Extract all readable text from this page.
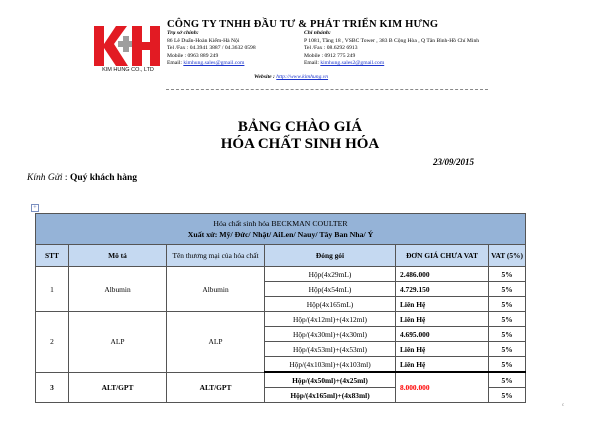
KIM HUNG CO., LTD
CÔNG TY TNHH ĐẦU TƯ & PHÁT TRIỂN KIM HƯNG
Trụ sở chính:
86 Lê Duẩn-Hoàn Kiếm-Hà Nội
Tel /Fax : 04.3941 3887 / 04.3632 0598
Mobile : 0963 889 249
Email: kimhung.sales@gmail.com
Chi nhánh:
P 1081, Tầng 18 , VSBC Tower , 383 B Cộng Hòa , Q Tân Bình-Hồ Chí Minh
Tel /Fax : 08.6292 6913
Mobile : 0912 775 249
Email: kimhung.sales2@gmail.com
Website : http://www.kimhung.vn
BẢNG CHÀO GIÁ
HÓA CHẤT SINH HÓA
23/09/2015
Kính Gửi : Quý khách hàng
+
Hóa chất sinh hóa BECKMAN COULTER
Xuất xứ: Mỹ/ Đức/ Nhật/ AiLen/ Nauy/ Tây Ban Nha/ Ý					

STT	Mô tả	Tên thương mại của hóa chất	Đóng gói	ĐƠN GIÁ CHƯA VAT	VAT (5%)
1	Albumin	Albumin	Hộp(4x29mL)	2.486.000	5%
			Hộp(4x54mL)	4.729.150	5%
			Hộp(4x165mL)	Liên Hệ	5%
2	ALP	ALP	Hộp/(4x12ml)+(4x12ml)	Liên Hệ	5%
			Hộp/(4x30ml)+(4x30ml)	4.695.000	5%
			Hộp/(4x53ml)+(4x53ml)	Liên Hệ	5%
			Hộp/(4x103ml)+(4x103ml)	Liên Hệ	5%
3	ALT/GPT	ALT/GPT	Hộp/(4x50ml)+(4x25ml)	8.000.000	5%
			Hộp/(4x165ml)+(4x83ml)		5%
c
